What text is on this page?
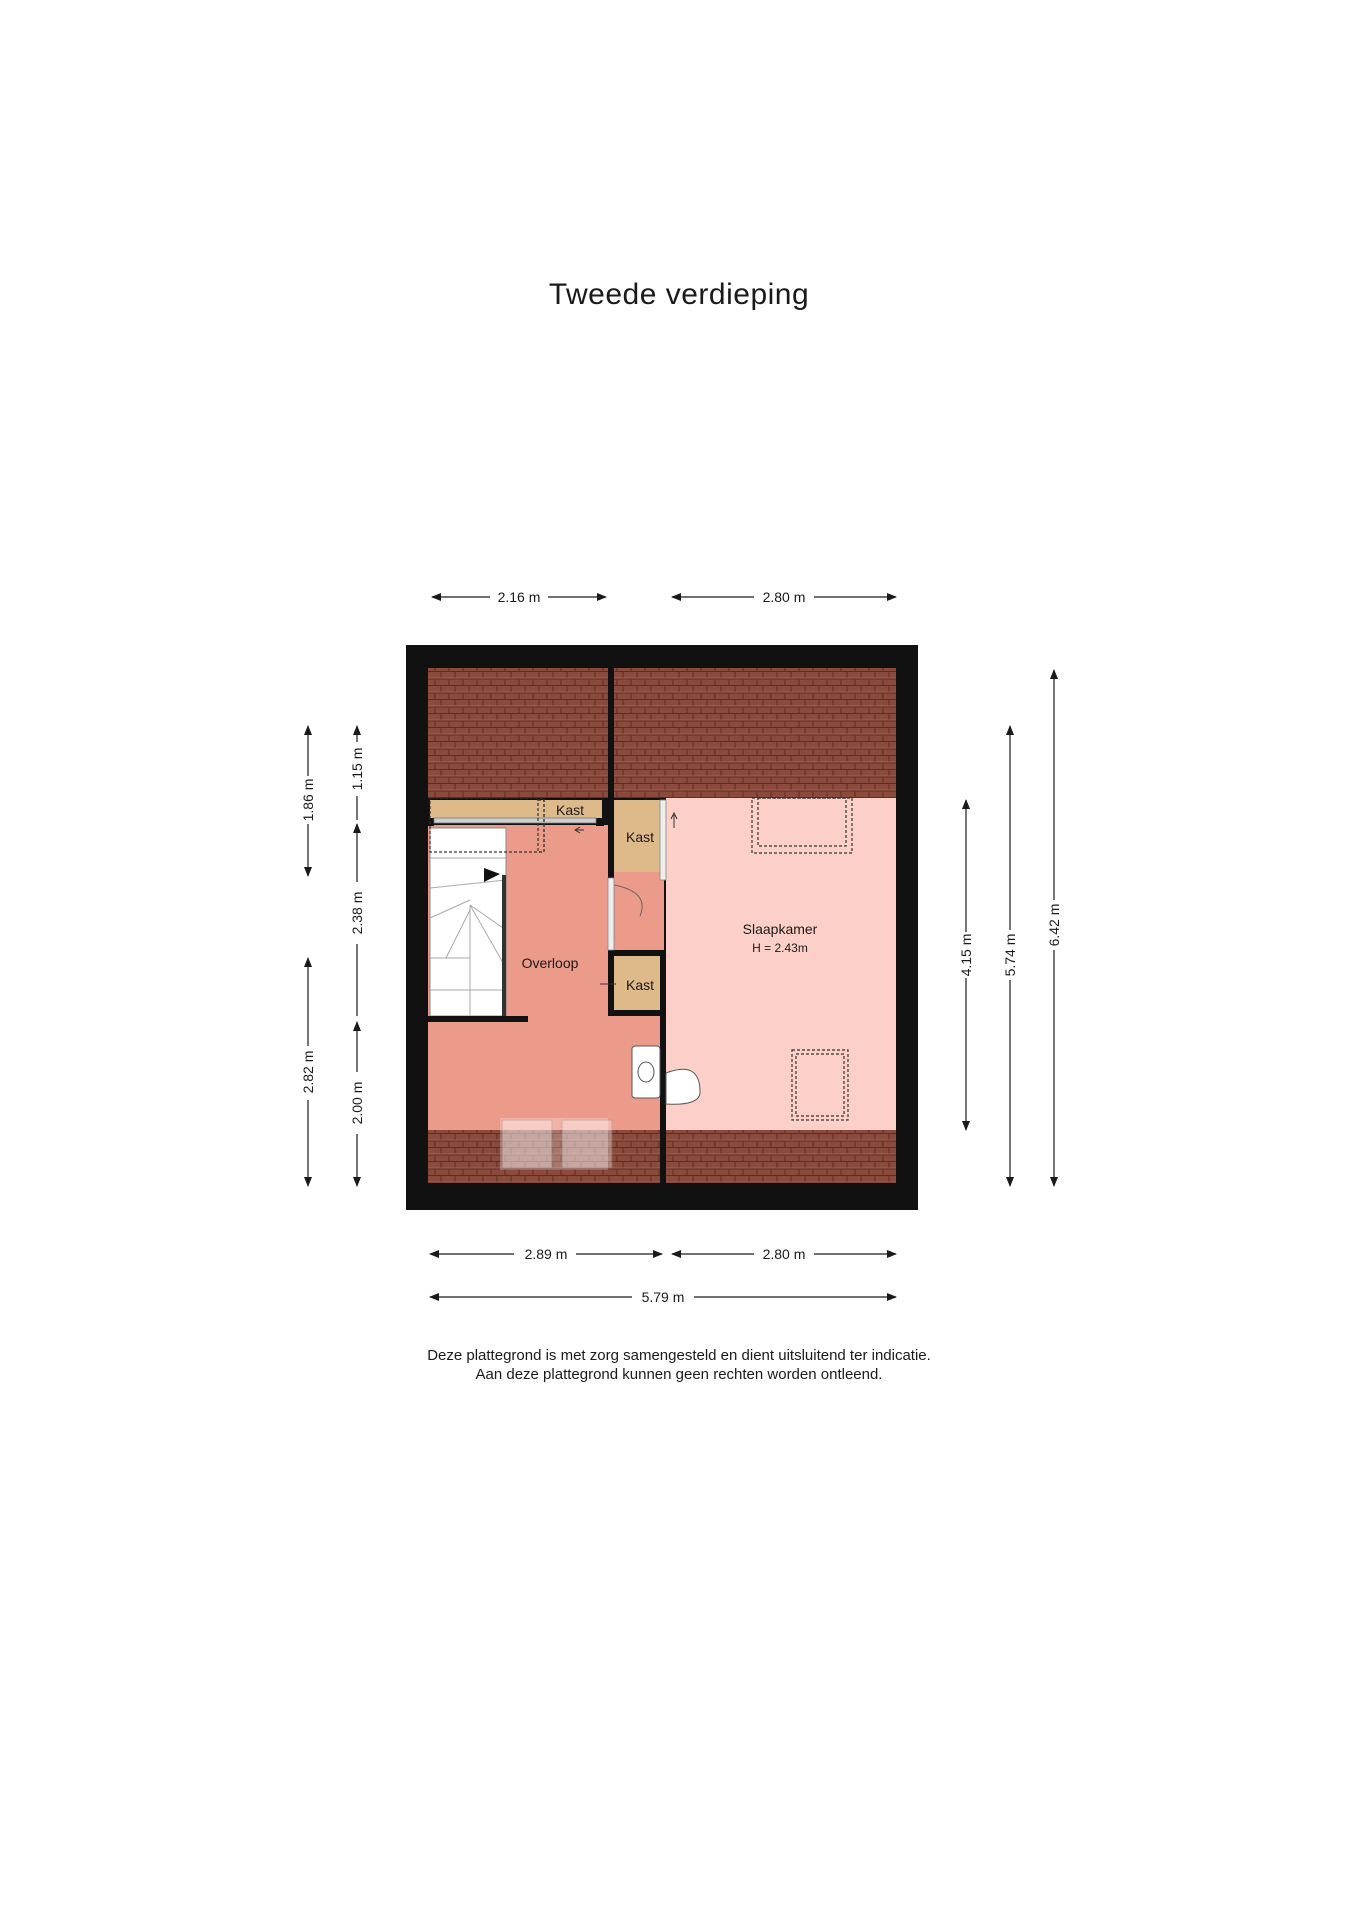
Tweede verdieping
Slaapkamer
H = 2.43m
Overloop
Kast
Kast
Kast
2.16 m	2.80 m
2.89 m	2.80 m
5.79 m
1.86 m
2.82 m
1.15 m
2.38 m
2.00 m
4.15 m 5.74 m
6.42 m
Deze plattegrond is met zorg samengesteld en dient uitsluitend ter indicatie.
Aan deze plattegrond kunnen geen rechten worden ontleend.
